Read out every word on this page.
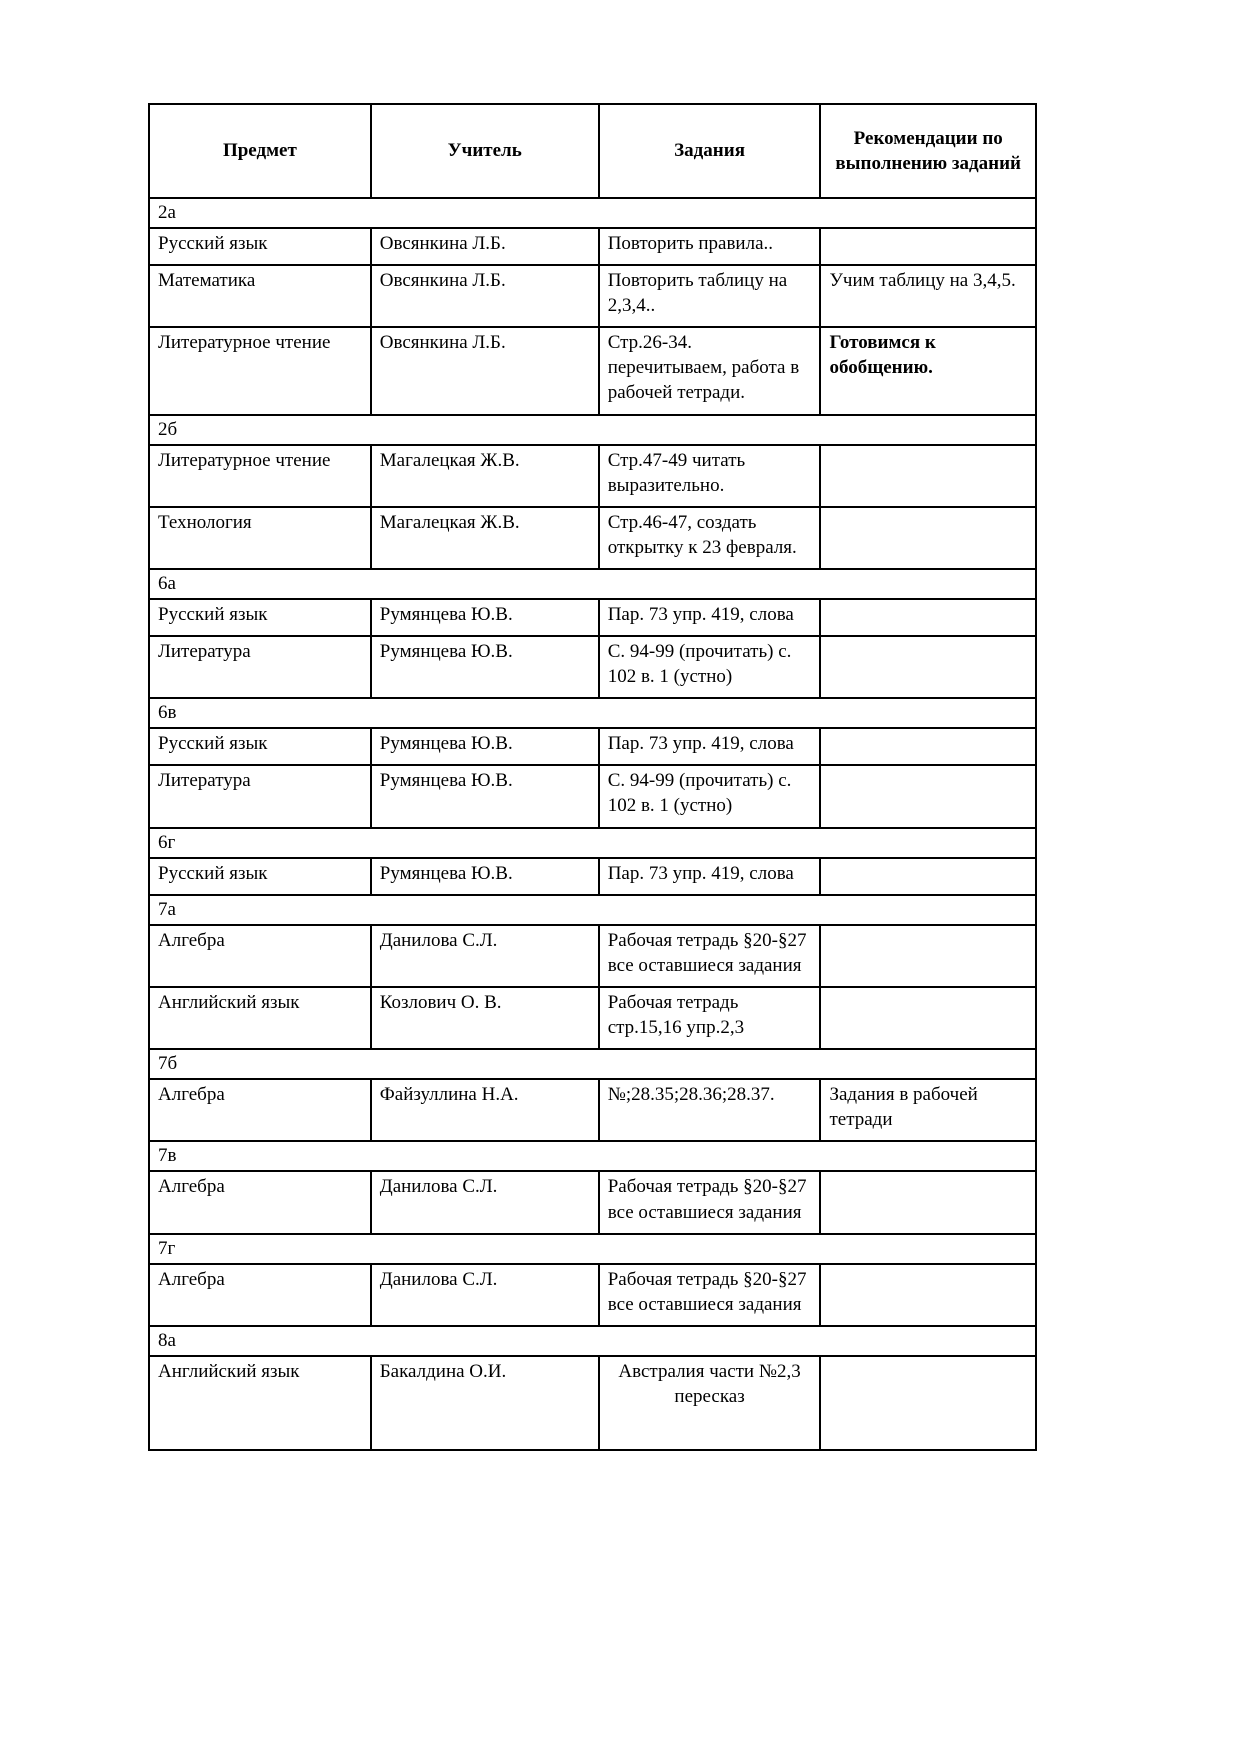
Предмет	Учитель	Задания	Рекомендации по выполнению заданий
2а			
Русский язык	Овсянкина Л.Б.	Повторить правила..	
Математика	Овсянкина Л.Б.	Повторить таблицу на 2,3,4..	Учим таблицу на 3,4,5.
Литературное чтение	Овсянкина Л.Б.	Стр.26-34. перечитываем, работа в рабочей тетради.	Готовимся к обобщению.
2б			
Литературное чтение	Магалецкая Ж.В.	Стр.47-49 читать выразительно.	
Технология	Магалецкая Ж.В.	Стр.46-47, создать открытку к 23 февраля.	
6а			
Русский язык	Румянцева Ю.В.	Пар. 73 упр. 419, слова	
Литература	Румянцева Ю.В.	С. 94-99 (прочитать) с. 102 в. 1 (устно)	
6в			
Русский язык	Румянцева Ю.В.	Пар. 73 упр. 419, слова	
Литература	Румянцева Ю.В.	С. 94-99 (прочитать) с. 102 в. 1 (устно)	
6г			
Русский язык	Румянцева Ю.В.	Пар. 73 упр. 419, слова	
7а			
Алгебра	Данилова С.Л.	Рабочая тетрадь §20-§27 все оставшиеся задания	
Английский язык	Козлович О. В.	Рабочая тетрадь стр.15,16 упр.2,3	
7б			
Алгебра	Файзуллина Н.А.	№;28.35;28.36;28.37.	Задания в рабочей тетради
7в			
Алгебра	Данилова С.Л.	Рабочая тетрадь §20-§27 все оставшиеся задания	
7г			
Алгебра	Данилова С.Л.	Рабочая тетрадь §20-§27 все оставшиеся задания	
8а			
Английский язык	Бакалдина О.И.	Австралия части №2,3 пересказ	
